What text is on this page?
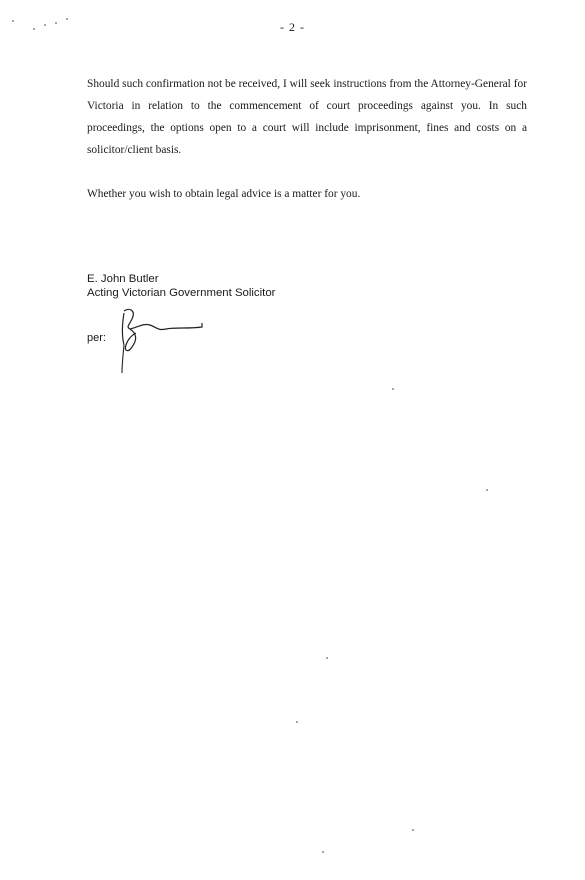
- 2 -

Should such confirmation not be received, I will seek instructions from the Attorney-General for Victoria in relation to the commencement of court proceedings against you. In such proceedings, the options open to a court will include imprisonment, fines and costs on a solicitor/client basis.

Whether you wish to obtain legal advice is a matter for you.

E. John Butler
Acting Victorian Government Solicitor
per:
